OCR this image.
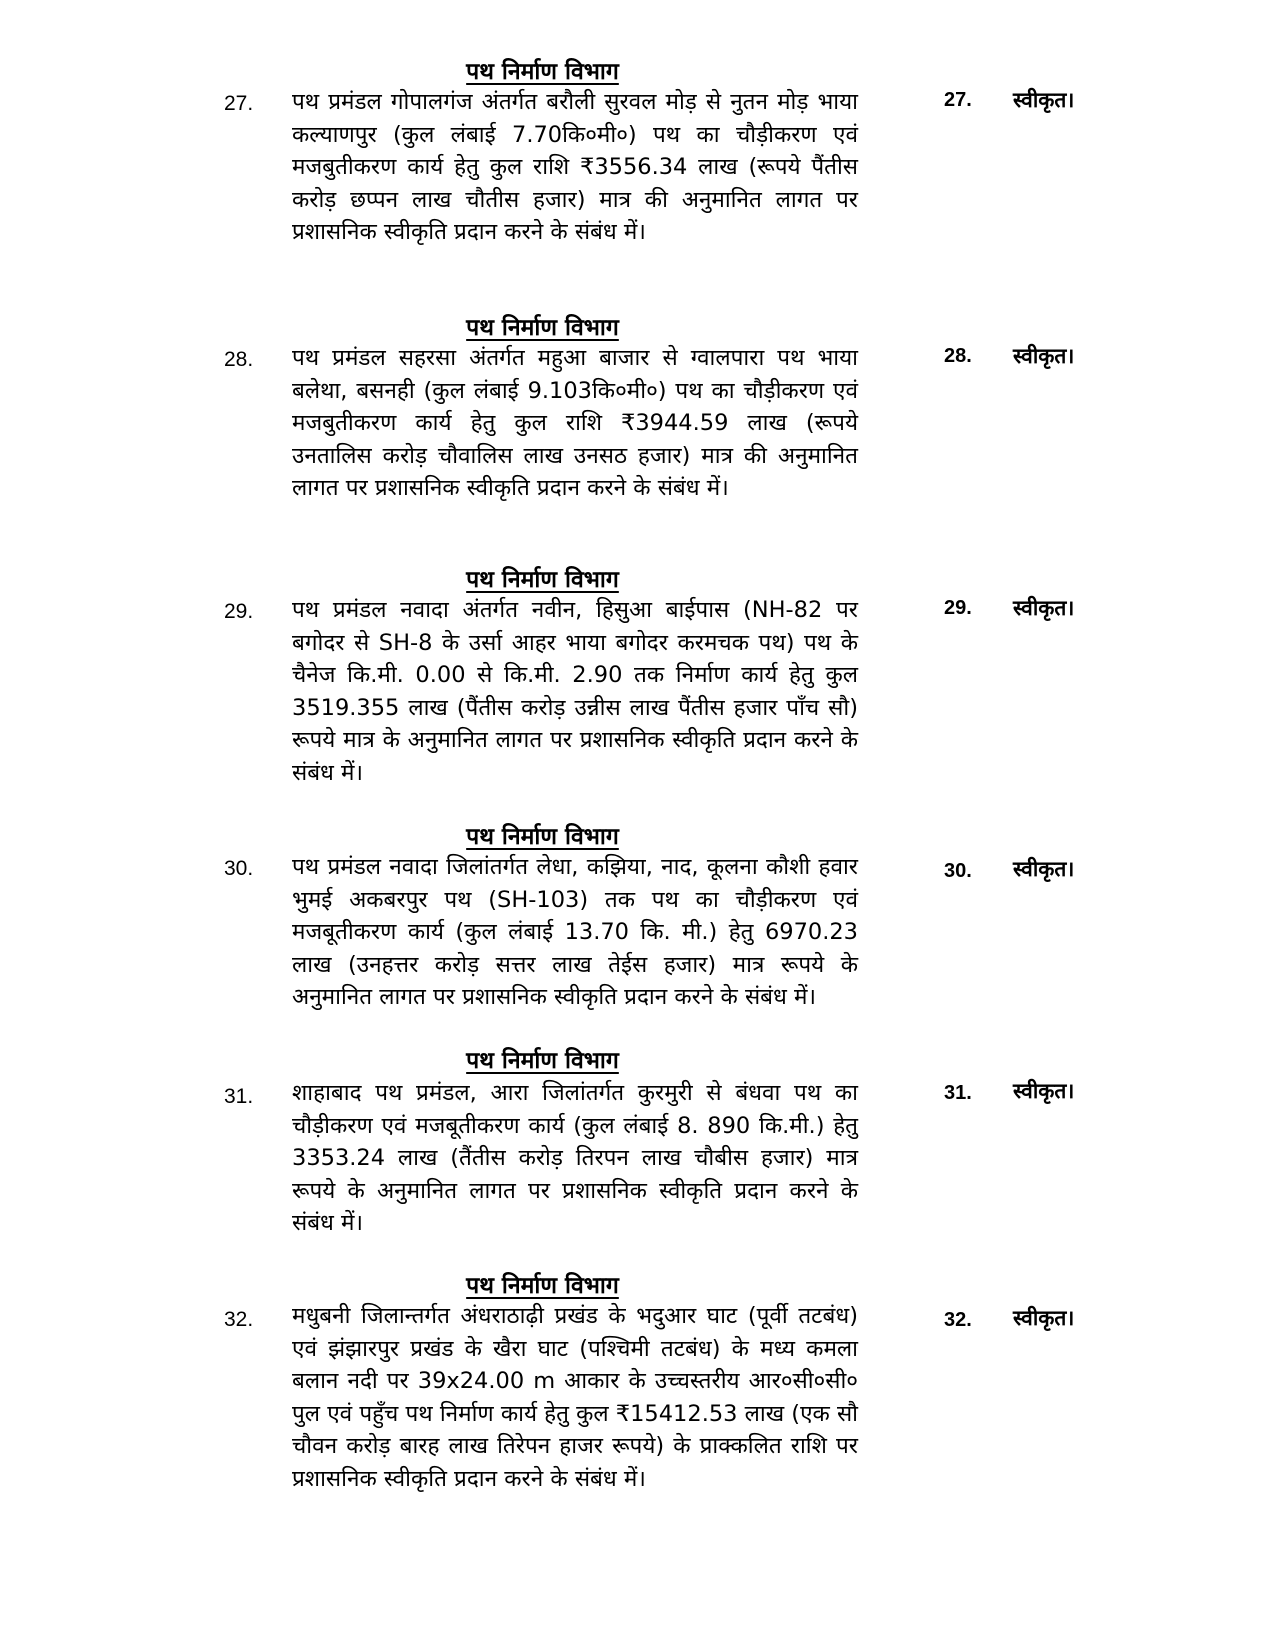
पथ निर्माण विभाग
27. पथ प्रमंडल गोपालगंज अंतर्गत बरौली सुरवल मोड़ से नुतन मोड़ भाया कल्याणपुर (कुल लंबाई 7.70कि०मी०) पथ का चौड़ीकरण एवं मजबुतीकरण कार्य हेतु कुल राशि ₹3556.34 लाख (रूपये पैंतीस करोड़ छप्पन लाख चौतीस हजार) मात्र की अनुमानित लागत पर प्रशासनिक स्वीकृति प्रदान करने के संबंध में।
27. स्वीकृत।
पथ निर्माण विभाग
28. पथ प्रमंडल सहरसा अंतर्गत महुआ बाजार से ग्वालपारा पथ भाया बलेथा, बसनही (कुल लंबाई 9.103कि०मी०) पथ का चौड़ीकरण एवं मजबुतीकरण कार्य हेतु कुल राशि ₹3944.59 लाख (रूपये उनतालिस करोड़ चौवालिस लाख उनसठ हजार) मात्र की अनुमानित लागत पर प्रशासनिक स्वीकृति प्रदान करने के संबंध में।
28. स्वीकृत।
पथ निर्माण विभाग
29. पथ प्रमंडल नवादा अंतर्गत नवीन, हिसुआ बाईपास (NH-82 पर बगोदर से SH-8 के उर्सा आहर भाया बगोदर करमचक पथ) पथ के चैनेज कि.मी. 0.00 से कि.मी. 2.90 तक निर्माण कार्य हेतु कुल 3519.355 लाख (पैंतीस करोड़ उन्नीस लाख पैंतीस हजार पाँच सौ) रूपये मात्र के अनुमानित लागत पर प्रशासनिक स्वीकृति प्रदान करने के संबंध में।
29. स्वीकृत।
पथ निर्माण विभाग
30. पथ प्रमंडल नवादा जिलांतर्गत लेधा, कझिया, नाद, कूलना कौशी हवार भुमई अकबरपुर पथ (SH-103) तक पथ का चौड़ीकरण एवं मजबूतीकरण कार्य (कुल लंबाई 13.70 कि. मी.) हेतु 6970.23 लाख (उनहत्तर करोड़ सत्तर लाख तेईस हजार) मात्र रूपये के अनुमानित लागत पर प्रशासनिक स्वीकृति प्रदान करने के संबंध में।
30. स्वीकृत।
पथ निर्माण विभाग
31. शाहाबाद पथ प्रमंडल, आरा जिलांतर्गत कुरमुरी से बंधवा पथ का चौड़ीकरण एवं मजबूतीकरण कार्य (कुल लंबाई 8. 890 कि.मी.) हेतु 3353.24 लाख (तैंतीस करोड़ तिरपन लाख चौबीस हजार) मात्र रूपये के अनुमानित लागत पर प्रशासनिक स्वीकृति प्रदान करने के संबंध में।
31. स्वीकृत।
पथ निर्माण विभाग
32. मधुबनी जिलान्तर्गत अंधराठाढ़ी प्रखंड के भदुआर घाट (पूर्वी तटबंध) एवं झंझारपुर प्रखंड के खैरा घाट (पश्चिमी तटबंध) के मध्य कमला बलान नदी पर 39x24.00 m आकार के उच्चस्तरीय आर०सी०सी० पुल एवं पहुँच पथ निर्माण कार्य हेतु कुल ₹15412.53 लाख (एक सौ चौवन करोड़ बारह लाख तिरेपन हाजर रूपये) के प्राक्कलित राशि पर प्रशासनिक स्वीकृति प्रदान करने के संबंध में।
32. स्वीकृत।
